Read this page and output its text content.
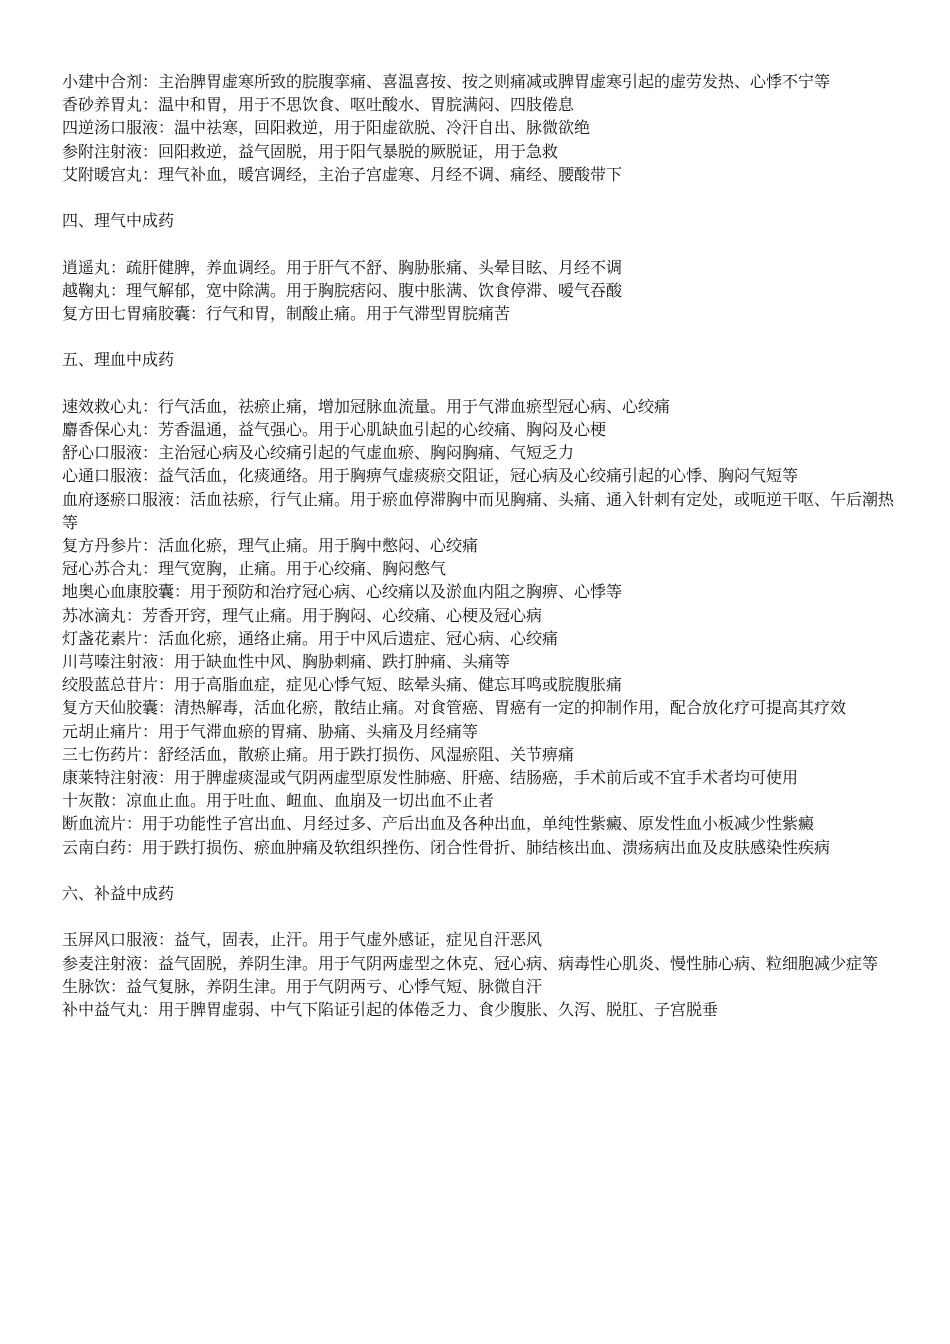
小建中合剂：主治脾胃虚寒所致的脘腹挛痛、喜温喜按、按之则痛减或脾胃虚寒引起的虚劳发热、心悸不宁等

香砂养胃丸：温中和胃，用于不思饮食、呕吐酸水、胃脘满闷、四肢倦息

四逆汤口服液：温中祛寒，回阳救逆，用于阳虚欲脱、冷汗自出、脉微欲绝

参附注射液：回阳救逆，益气固脱，用于阳气暴脱的厥脱证，用于急救

艾附暖宫丸：理气补血，暖宫调经，主治子宫虚寒、月经不调、痛经、腰酸带下

四、理气中成药

逍遥丸：疏肝健脾，养血调经。用于肝气不舒、胸胁胀痛、头晕目眩、月经不调

越鞠丸：理气解郁，宽中除满。用于胸脘痞闷、腹中胀满、饮食停滞、嗳气吞酸

复方田七胃痛胶囊：行气和胃，制酸止痛。用于气滞型胃脘痛苦

五、理血中成药

速效救心丸：行气活血，祛瘀止痛，增加冠脉血流量。用于气滞血瘀型冠心病、心绞痛

麝香保心丸：芳香温通，益气强心。用于心肌缺血引起的心绞痛、胸闷及心梗

舒心口服液：主治冠心病及心绞痛引起的气虚血瘀、胸闷胸痛、气短乏力

心通口服液：益气活血，化痰通络。用于胸痹气虚痰瘀交阻证，冠心病及心绞痛引起的心悸、胸闷气短等

血府逐瘀口服液：活血祛瘀，行气止痛。用于瘀血停滞胸中而见胸痛、头痛、通入针刺有定处，或呃逆干呕、午后潮热等

复方丹参片：活血化瘀，理气止痛。用于胸中憋闷、心绞痛

冠心苏合丸：理气宽胸，止痛。用于心绞痛、胸闷憋气

地奥心血康胶囊：用于预防和治疗冠心病、心绞痛以及淤血内阻之胸痹、心悸等

苏冰滴丸：芳香开窍，理气止痛。用于胸闷、心绞痛、心梗及冠心病

灯盏花素片：活血化瘀，通络止痛。用于中风后遗症、冠心病、心绞痛

川芎嗪注射液：用于缺血性中风、胸胁刺痛、跌打肿痛、头痛等

绞股蓝总苷片：用于高脂血症，症见心悸气短、眩晕头痛、健忘耳鸣或脘腹胀痛

复方天仙胶囊：清热解毒，活血化瘀，散结止痛。对食管癌、胃癌有一定的抑制作用，配合放化疗可提高其疗效

元胡止痛片：用于气滞血瘀的胃痛、胁痛、头痛及月经痛等

三七伤药片：舒经活血，散瘀止痛。用于跌打损伤、风湿瘀阻、关节痹痛

康莱特注射液：用于脾虚痰湿或气阴两虚型原发性肺癌、肝癌、结肠癌，手术前后或不宜手术者均可使用

十灰散：凉血止血。用于吐血、衄血、血崩及一切出血不止者

断血流片：用于功能性子宫出血、月经过多、产后出血及各种出血，单纯性紫癜、原发性血小板减少性紫癜

云南白药：用于跌打损伤、瘀血肿痛及软组织挫伤、闭合性骨折、肺结核出血、溃疡病出血及皮肤感染性疾病

六、补益中成药

玉屏风口服液：益气，固表，止汗。用于气虚外感证，症见自汗恶风

参麦注射液：益气固脱，养阴生津。用于气阴两虚型之休克、冠心病、病毒性心肌炎、慢性肺心病、粒细胞减少症等

生脉饮：益气复脉，养阴生津。用于气阴两亏、心悸气短、脉微自汗

补中益气丸：用于脾胃虚弱、中气下陷证引起的体倦乏力、食少腹胀、久泻、脱肛、子宫脱垂
